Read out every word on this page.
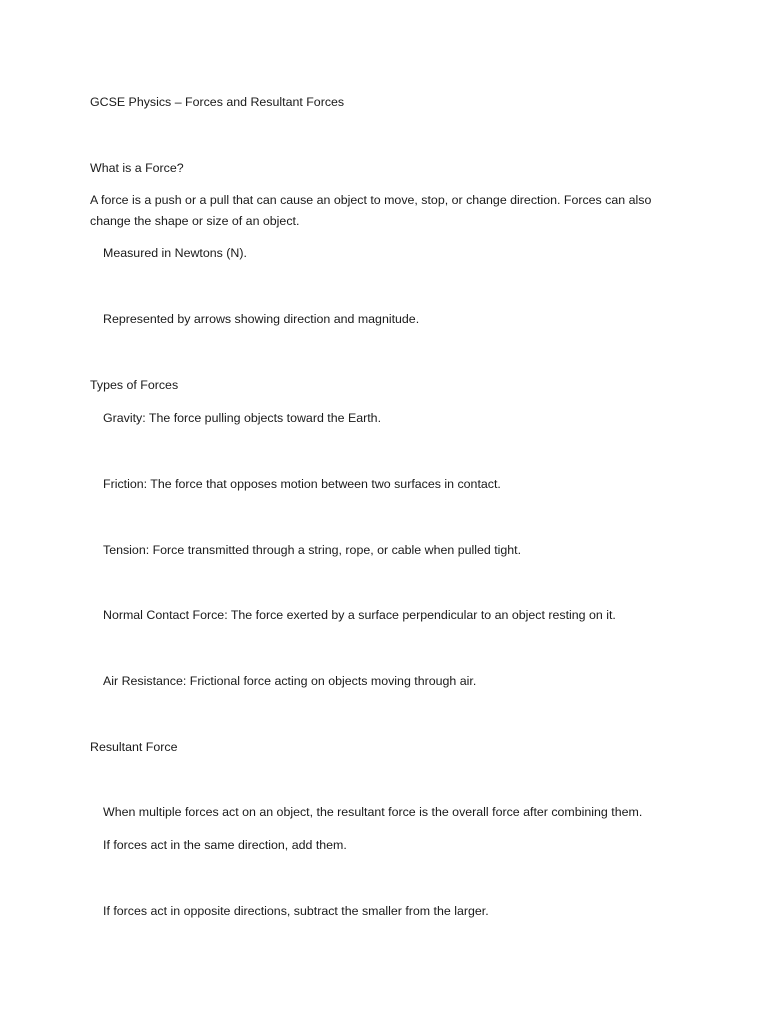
GCSE Physics – Forces and Resultant Forces
What is a Force?
A force is a push or a pull that can cause an object to move, stop, or change direction. Forces can also change the shape or size of an object.
Measured in Newtons (N).
Represented by arrows showing direction and magnitude.
Types of Forces
Gravity: The force pulling objects toward the Earth.
Friction: The force that opposes motion between two surfaces in contact.
Tension: Force transmitted through a string, rope, or cable when pulled tight.
Normal Contact Force: The force exerted by a surface perpendicular to an object resting on it.
Air Resistance: Frictional force acting on objects moving through air.
Resultant Force
When multiple forces act on an object, the resultant force is the overall force after combining them.
If forces act in the same direction, add them.
If forces act in opposite directions, subtract the smaller from the larger.
